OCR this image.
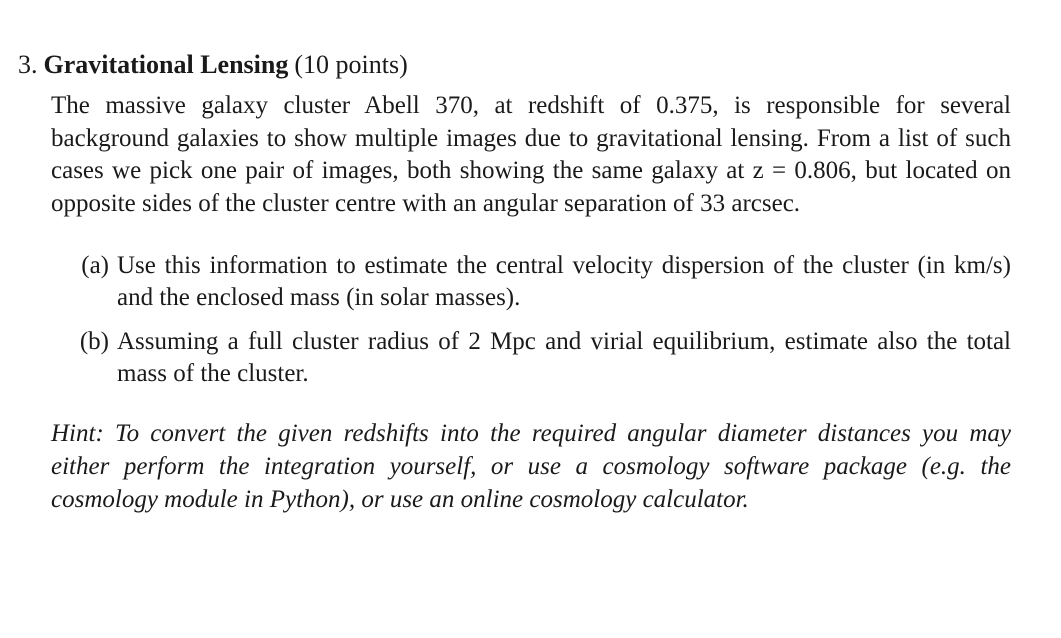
3. Gravitational Lensing (10 points)

The massive galaxy cluster Abell 370, at redshift of 0.375, is responsible for several background galaxies to show multiple images due to gravitational lensing. From a list of such cases we pick one pair of images, both showing the same galaxy at z = 0.806, but located on opposite sides of the cluster centre with an angular separation of 33 arcsec.

(a) Use this information to estimate the central velocity dispersion of the cluster (in km/s) and the enclosed mass (in solar masses).
(b) Assuming a full cluster radius of 2 Mpc and virial equilibrium, estimate also the total mass of the cluster.

Hint: To convert the given redshifts into the required angular diameter distances you may either perform the integration yourself, or use a cosmology software package (e.g. the cosmology module in Python), or use an online cosmology calculator.
